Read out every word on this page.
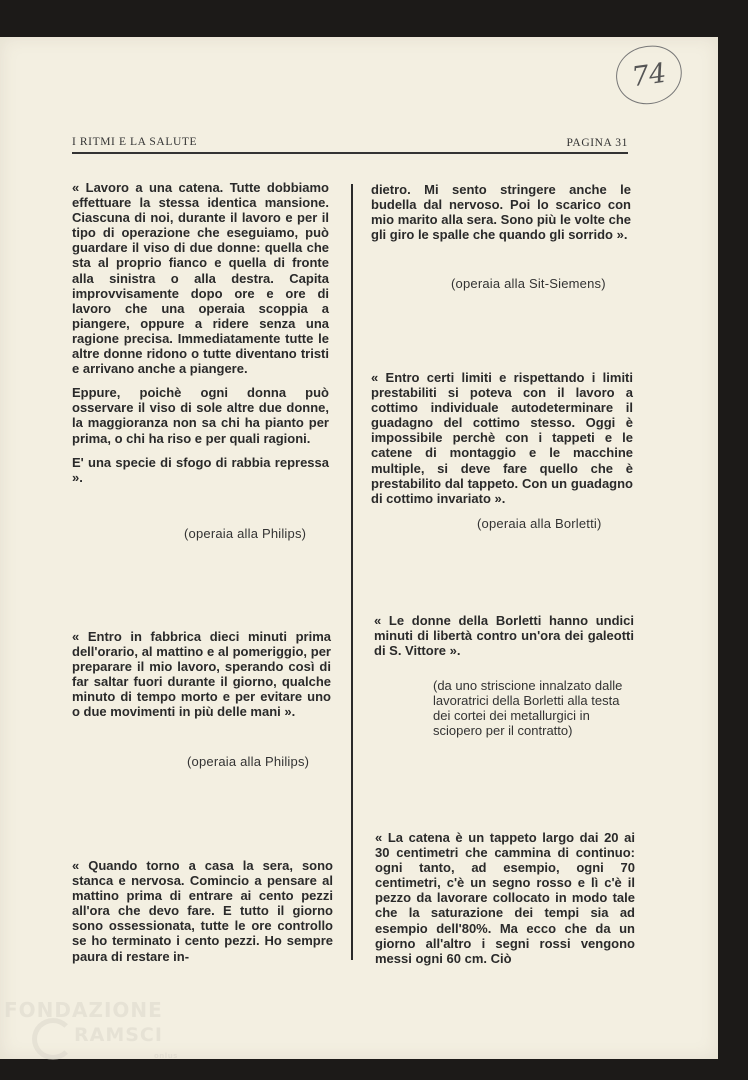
74
I RITMI E LA SALUTE	PAGINA 31

« Lavoro a una catena. Tutte dobbiamo effettuare la stessa identica mansione. Ciascuna di noi, durante il lavoro e per il tipo di operazione che eseguiamo, può guardare il viso di due donne: quella che sta al proprio fianco e quella di fronte alla sinistra o alla destra. Capita improvvisamente dopo ore e ore di lavoro che una operaia scoppia a piangere, oppure a ridere senza una ragione precisa. Immediatamente tutte le altre donne ridono o tutte diventano tristi e arrivano anche a piangere.

Eppure, poichè ogni donna può osservare il viso di sole altre due donne, la maggioranza non sa chi ha pianto per prima, o chi ha riso e per quali ragioni.

E' una specie di sfogo di rabbia repressa ».

(operaia alla Philips)

« Entro in fabbrica dieci minuti prima dell'orario, al mattino e al pomeriggio, per preparare il mio lavoro, sperando così di far saltar fuori durante il giorno, qualche minuto di tempo morto e per evitare uno o due movimenti in più delle mani ».

(operaia alla Philips)

« Quando torno a casa la sera, sono stanca e nervosa. Comincio a pensare al mattino prima di entrare ai cento pezzi all'ora che devo fare. E tutto il giorno sono ossessionata, tutte le ore controllo se ho terminato i cento pezzi. Ho sempre paura di restare in-

dietro. Mi sento stringere anche le budella dal nervoso. Poi lo scarico con mio marito alla sera. Sono più le volte che gli giro le spalle che quando gli sorrido ».

(operaia alla Sit-Siemens)

« Entro certi limiti e rispettando i limiti prestabiliti si poteva con il lavoro a cottimo individuale autodeterminare il guadagno del cottimo stesso. Oggi è impossibile perchè con i tappeti e le catene di montaggio e le macchine multiple, si deve fare quello che è prestabilito dal tappeto. Con un guadagno di cottimo invariato ».

(operaia alla Borletti)

« Le donne della Borletti hanno undici minuti di libertà contro un'ora dei galeotti di S. Vittore ».

(da uno striscione innalzato dalle lavoratrici della Borletti alla testa dei cortei dei metallurgici in sciopero per il contratto)

« La catena è un tappeto largo dai 20 ai 30 centimetri che cammina di continuo: ogni tanto, ad esempio, ogni 70 centimetri, c'è un segno rosso e lì c'è il pezzo da lavorare collocato in modo tale che la saturazione dei tempi sia ad esempio dell'80%. Ma ecco che da un giorno all'altro i segni rossi vengono messi ogni 60 cm. Ciò

FONDAZIONE
RAMSCI
onlus
